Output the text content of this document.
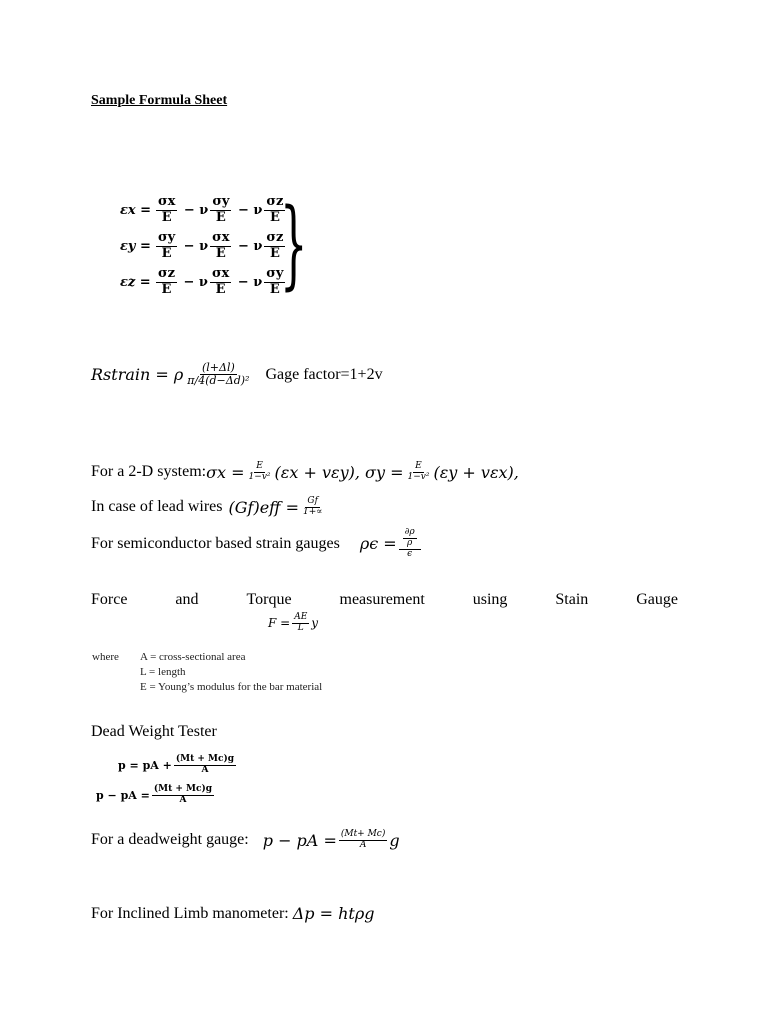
Sample Formula Sheet
$\varepsilon x = \frac{\sigma x}{E} - \nu \frac{\sigma y}{E} - \nu \frac{\sigma z}{E}$
$\varepsilon y = \frac{\sigma y}{E} - \nu \frac{\sigma x}{E} - \nu \frac{\sigma z}{E}$
$\varepsilon z = \frac{\sigma z}{E} - \nu \frac{\sigma x}{E} - \nu \frac{\sigma y}{E}$
}
Rstrain = ρ $\frac{(l+\Delta l)}{\text{π/4(d−Δd)²}}$ Gage factor=1+2v
For a 2-D system: $\sigma x = \frac{E}{\text{1−v²}} (\varepsilon x + v\varepsilon y)$, $\sigma y = \frac{E}{\text{1−v²}} (\varepsilon y + v\varepsilon x)$,
In case of lead wires $(Gf)eff = \frac{Gf}{1+\propto}$
For semiconductor based strain gauges $\rho\epsilon = \frac{\frac{\partial\rho}{\rho}}{\epsilon}$
Force	and	Torque	measurement	using	Stain	Gauge
$F = \frac{AE}{L}$ y
where	A = cross-sectional area
L = length
E = Young’s modulus for the bar material
Dead Weight Tester
p = pA + $\frac{(Mt + Mc)g}{A}$
p − pA = $\frac{(Mt + Mc)g}{A}$
For a deadweight gauge: p − pA = $\frac{(Mt+ Mc)}{A}$ g
For Inclined Limb manometer: Δp = htρg
